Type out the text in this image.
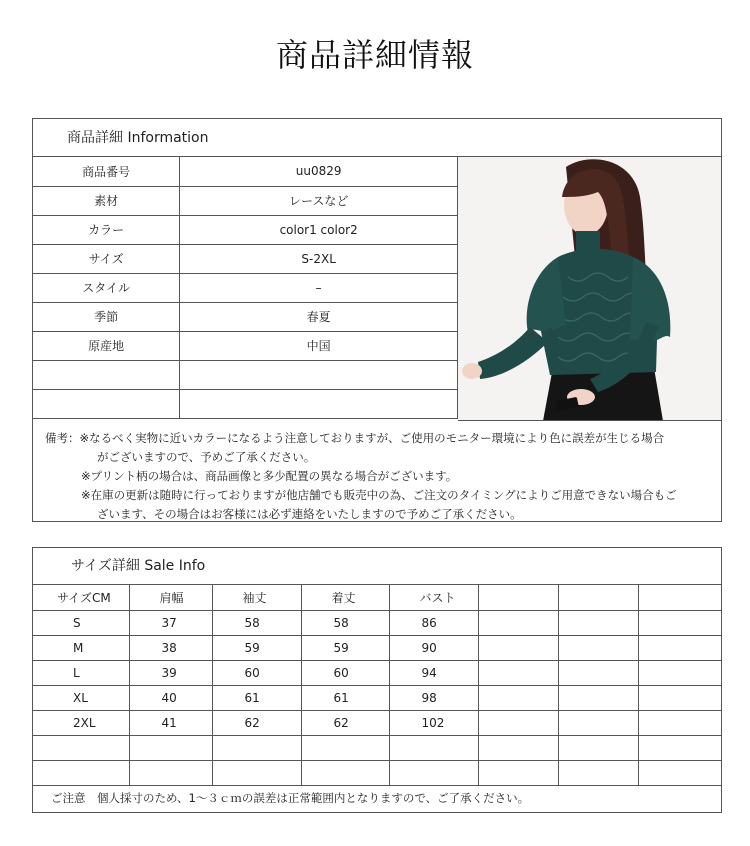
商品詳細情報
商品詳細 Information
商品番号	uu0829
素材	レースなど
カラー	color1 color2
サイズ	S-2XL
スタイル	–
季節	春夏
原産地	中国

備考：※なるべく実物に近いカラーになるよう注意しておりますが、ご使用のモニター環境により色に誤差が生じる場合
がございますので、予めご了承ください。
※プリント柄の場合は、商品画像と多少配置の異なる場合がございます。
※在庫の更新は随時に行っておりますが他店舗でも販売中の為、ご注文のタイミングによりご用意できない場合もご
ざいます、その場合はお客様には必ず連絡をいたしますので予めご了承ください。
サイズ詳細 Sale Info
サイズCM	肩幅	袖丈	着丈	バスト			
S	37	58	58	86			
M	38	59	59	90			
L	39	60	60	94			
XL	40	61	61	98			
2XL	41	62	62	102			

ご注意　個人採寸のため、1～３ｃｍの誤差は正常範囲内となりますので、ご了承ください。
